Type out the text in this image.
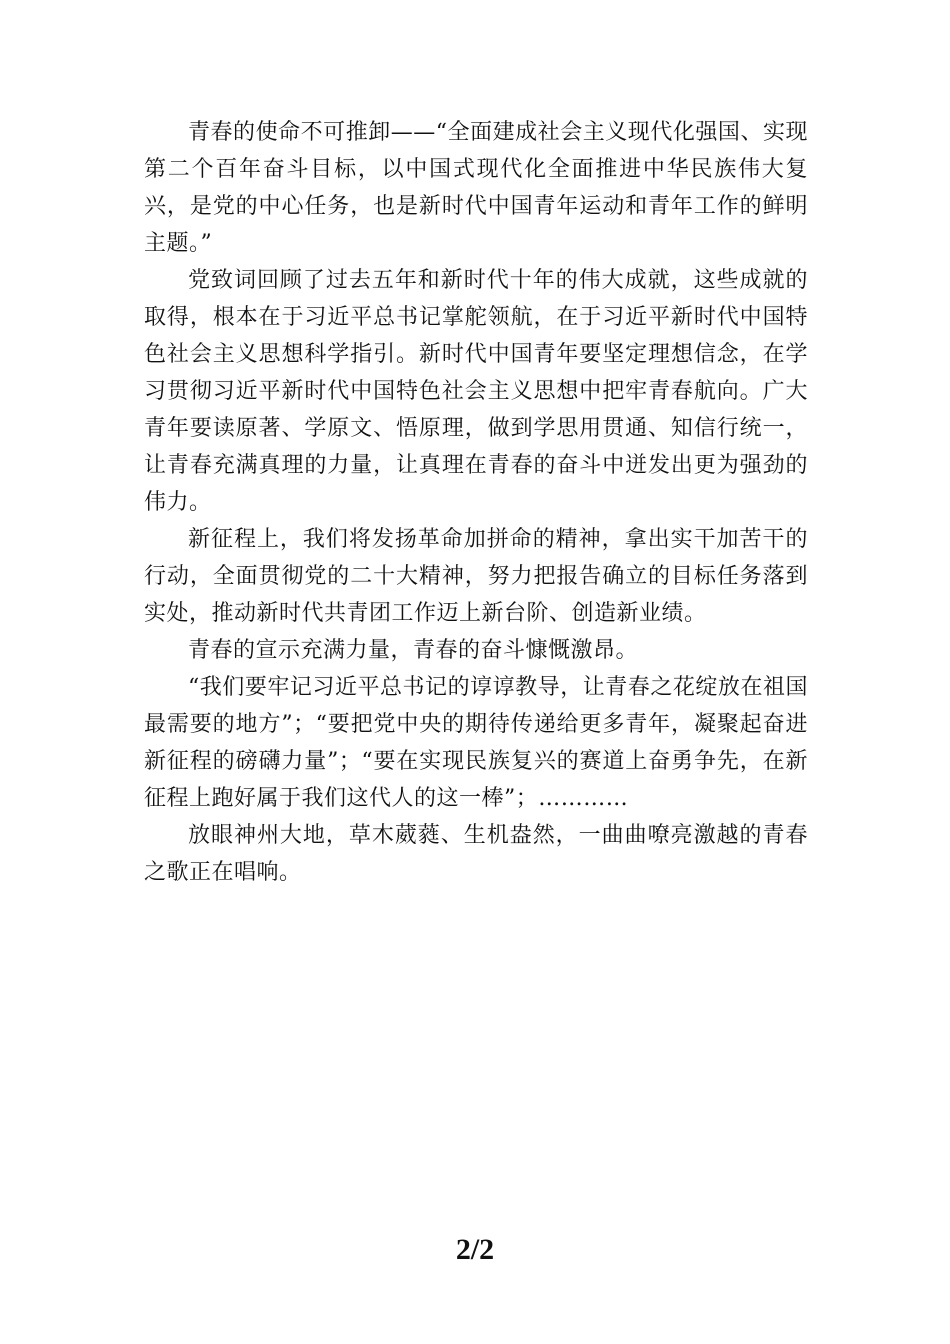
青春的使命不可推卸——“全面建成社会主义现代化强国、实现第二个百年奋斗目标，以中国式现代化全面推进中华民族伟大复兴，是党的中心任务，也是新时代中国青年运动和青年工作的鲜明主题。”

党致词回顾了过去五年和新时代十年的伟大成就，这些成就的取得，根本在于习近平总书记掌舵领航，在于习近平新时代中国特色社会主义思想科学指引。新时代中国青年要坚定理想信念，在学习贯彻习近平新时代中国特色社会主义思想中把牢青春航向。广大青年要读原著、学原文、悟原理，做到学思用贯通、知信行统一，让青春充满真理的力量，让真理在青春的奋斗中迸发出更为强劲的伟力。

新征程上，我们将发扬革命加拼命的精神，拿出实干加苦干的行动，全面贯彻党的二十大精神，努力把报告确立的目标任务落到实处，推动新时代共青团工作迈上新台阶、创造新业绩。

青春的宣示充满力量，青春的奋斗慷慨激昂。

“我们要牢记习近平总书记的谆谆教导，让青春之花绽放在祖国最需要的地方”；“要把党中央的期待传递给更多青年，凝聚起奋进新征程的磅礴力量”；“要在实现民族复兴的赛道上奋勇争先，在新征程上跑好属于我们这代人的这一棒”；…………

放眼神州大地，草木葳蕤、生机盎然，一曲曲嘹亮激越的青春之歌正在唱响。

2/2
